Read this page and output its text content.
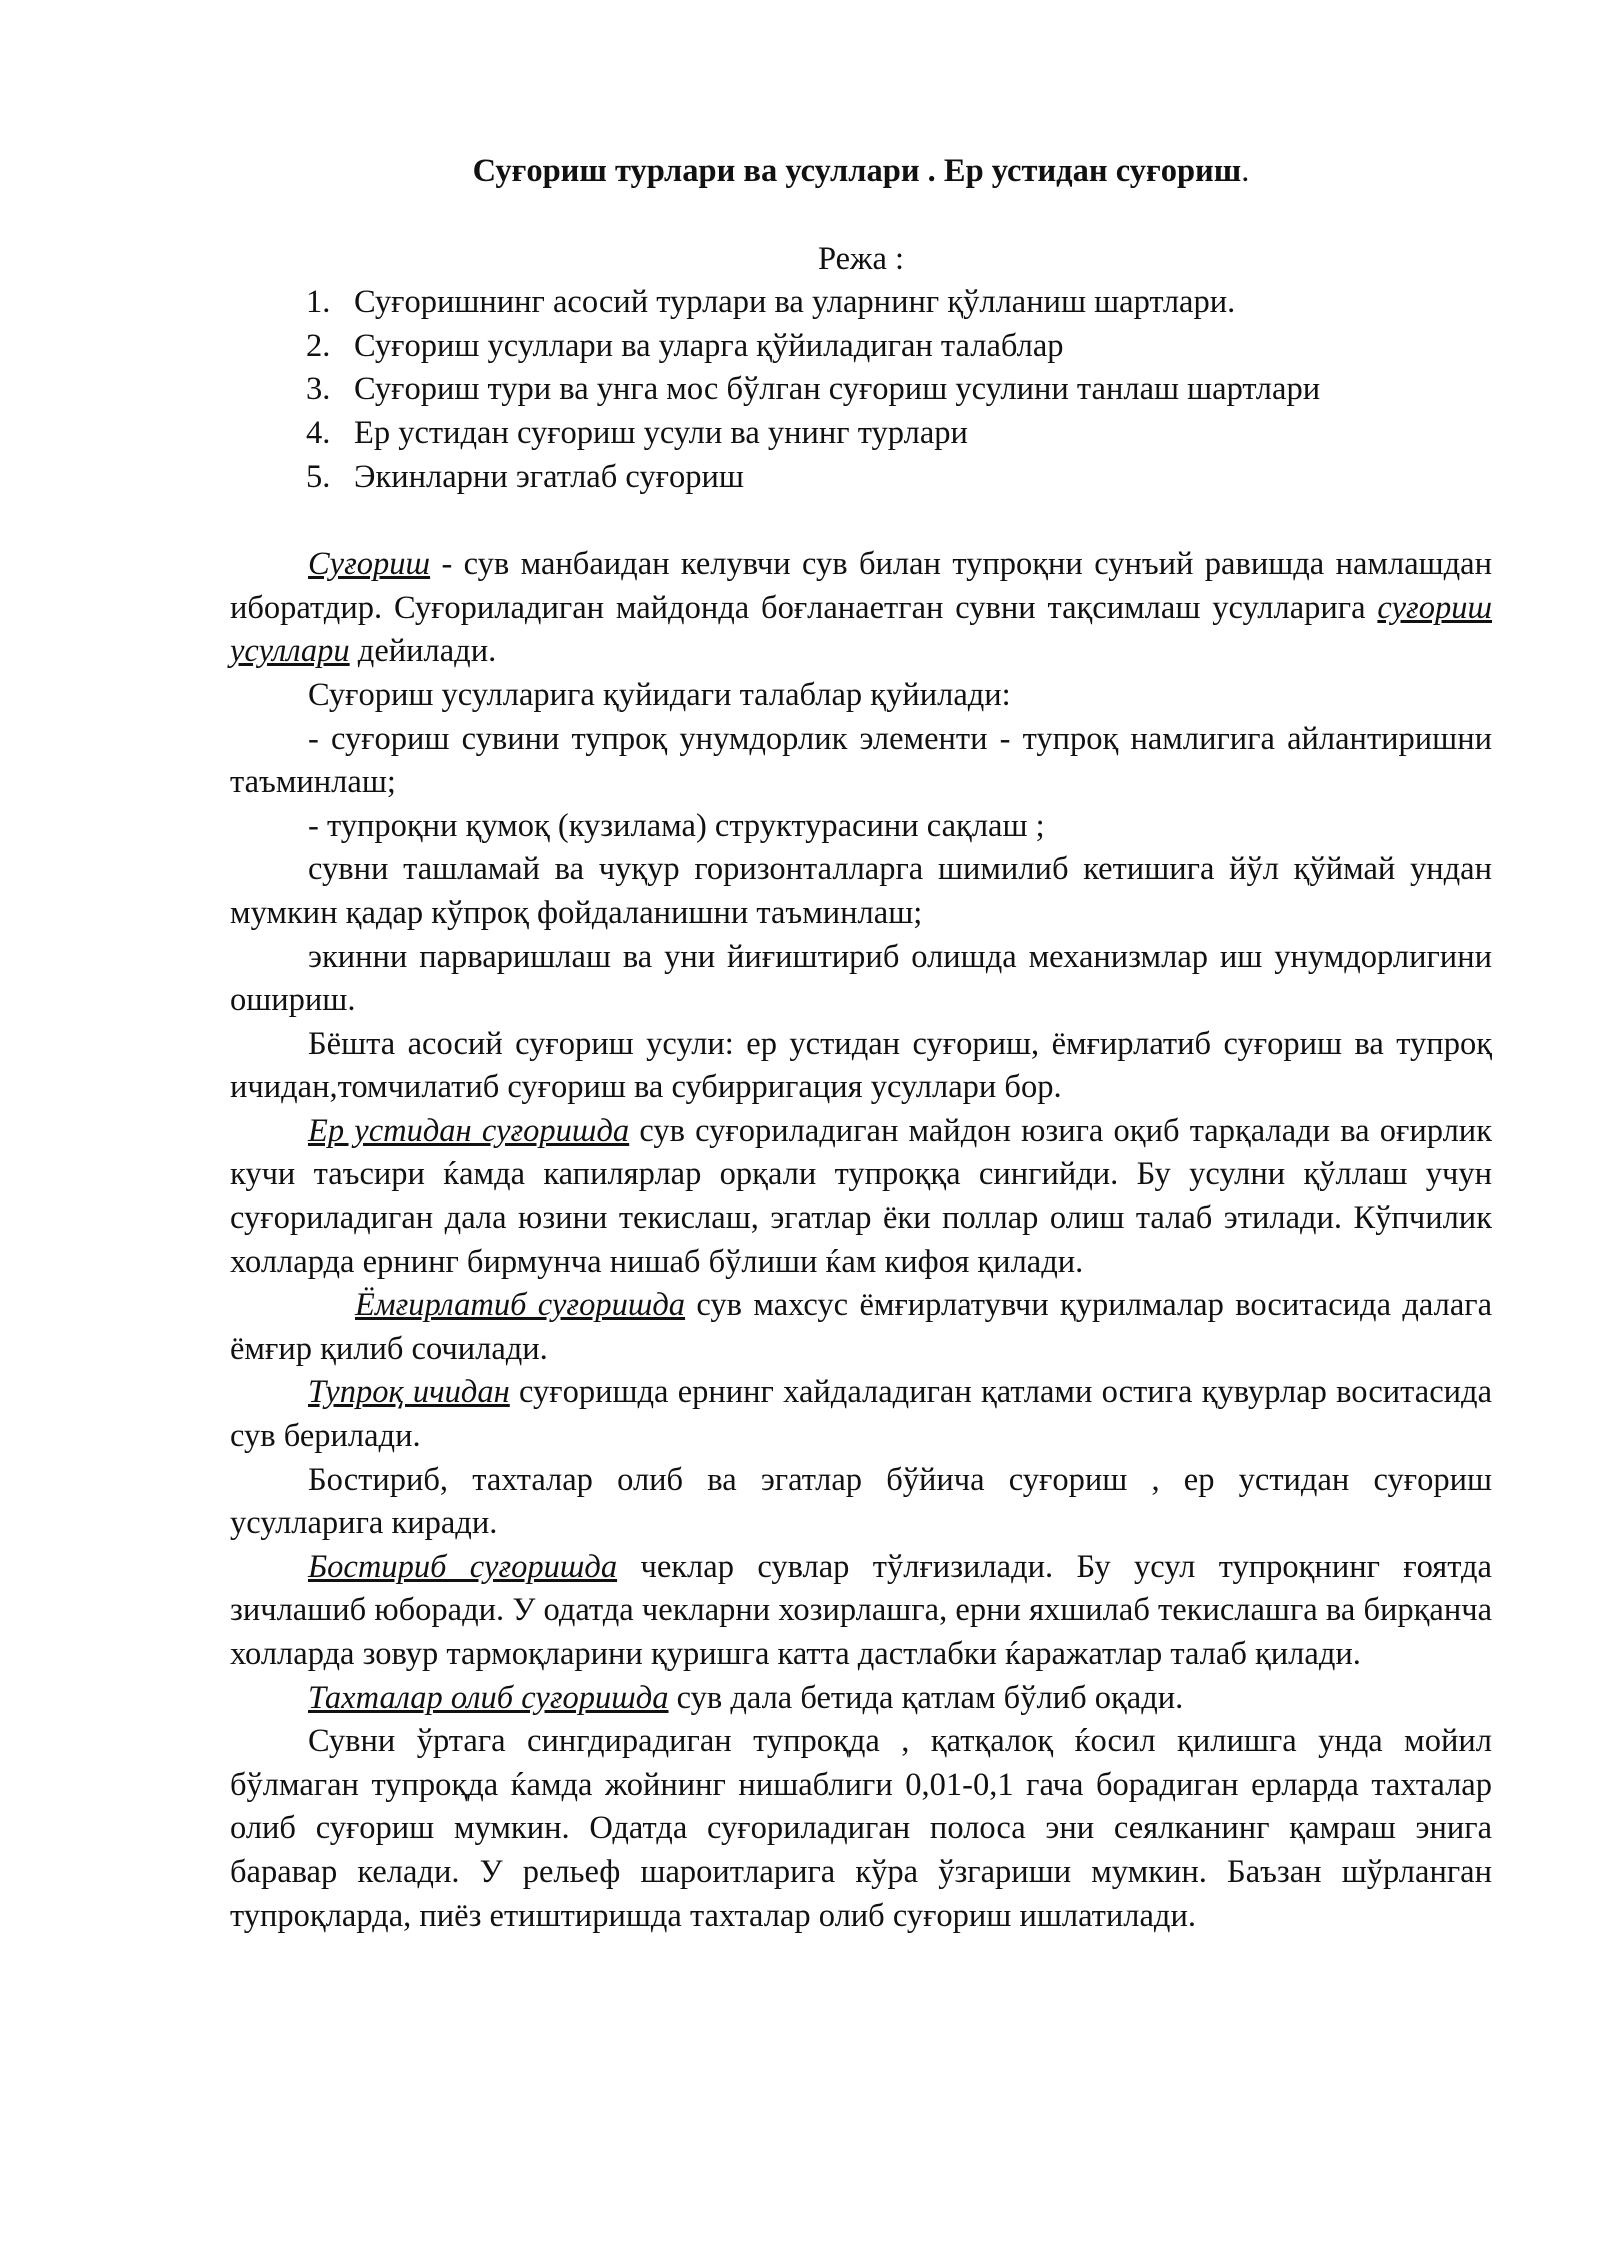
Суғориш турлари ва усуллари . Ер устидан суғориш.
Режа :
1. Суғоришнинг асосий турлари ва уларнинг қўлланиш шартлари.
2. Суғориш усуллари ва уларга қўйиладиган талаблар
3. Суғориш тури ва унга мос бўлган суғориш усулини танлаш шартлари
4. Ер устидан суғориш усули ва унинг турлари
5. Экинларни эгатлаб суғориш

Суғориш - сув манбаидан келувчи сув билан тупроқни сунъий равишда намлашдан иборатдир. Суғориладиган майдонда боғланаетган сувни тақсимлаш усулларига суғориш усуллари дейилади.

Суғориш усулларига қуйидаги талаблар қуйилади:

- суғориш сувини тупроқ унумдорлик элементи - тупроқ намлигига айлантиришни таъминлаш;

- тупроқни қумоқ (кузилама) структурасини сақлаш ;

сувни ташламай ва чуқур горизонталларга шимилиб кетишига йўл қўймай ундан мумкин қадар кўпроқ фойдаланишни таъминлаш;

экинни парваришлаш ва уни йиғиштириб олишда механизмлар иш унумдорлигини ошириш.

Бёшта асосий суғориш усули: ер устидан суғориш, ёмғирлатиб суғориш ва тупроқ ичидан,томчилатиб суғориш ва субирригация усуллари бор.

Ер устидан суғоришда сув суғориладиган майдон юзига оқиб тарқалади ва оғирлик кучи таъсири ќамда капилярлар орқали тупроққа сингийди. Бу усулни қўллаш учун суғориладиган дала юзини текислаш, эгатлар ёки поллар олиш талаб этилади. Кўпчилик холларда ернинг бирмунча нишаб бўлиши ќам кифоя қилади.

Ёмғирлатиб суғоришда сув махсус ёмғирлатувчи қурилмалар воситасида далага ёмғир қилиб сочилади.

Тупроқ ичидан суғоришда ернинг хайдаладиган қатлами остига қувурлар воситасида сув берилади.

Бостириб, тахталар олиб ва эгатлар бўйича суғориш , ер устидан суғориш усулларига киради.

Бостириб суғоришда чеклар сувлар тўлғизилади. Бу усул тупроқнинг ғоятда зичлашиб юборади. У одатда чекларни хозирлашга, ерни яхшилаб текислашга ва бирқанча холларда зовур тармоқларини қуришга катта дастлабки ќаражатлар талаб қилади.

Тахталар олиб суғоришда сув дала бетида қатлам бўлиб оқади.

Сувни ўртага сингдирадиган тупроқда , қатқалоқ ќосил қилишга унда мойил бўлмаган тупроқда ќамда жойнинг нишаблиги 0,01-0,1 гача борадиган ерларда тахталар олиб суғориш мумкин. Одатда суғориладиган полоса эни сеялканинг қамраш энига баравар келади. У рельеф шароитларига кўра ўзгариши мумкин. Баъзан шўрланган тупроқларда, пиёз етиштиришда тахталар олиб суғориш ишлатилади.
